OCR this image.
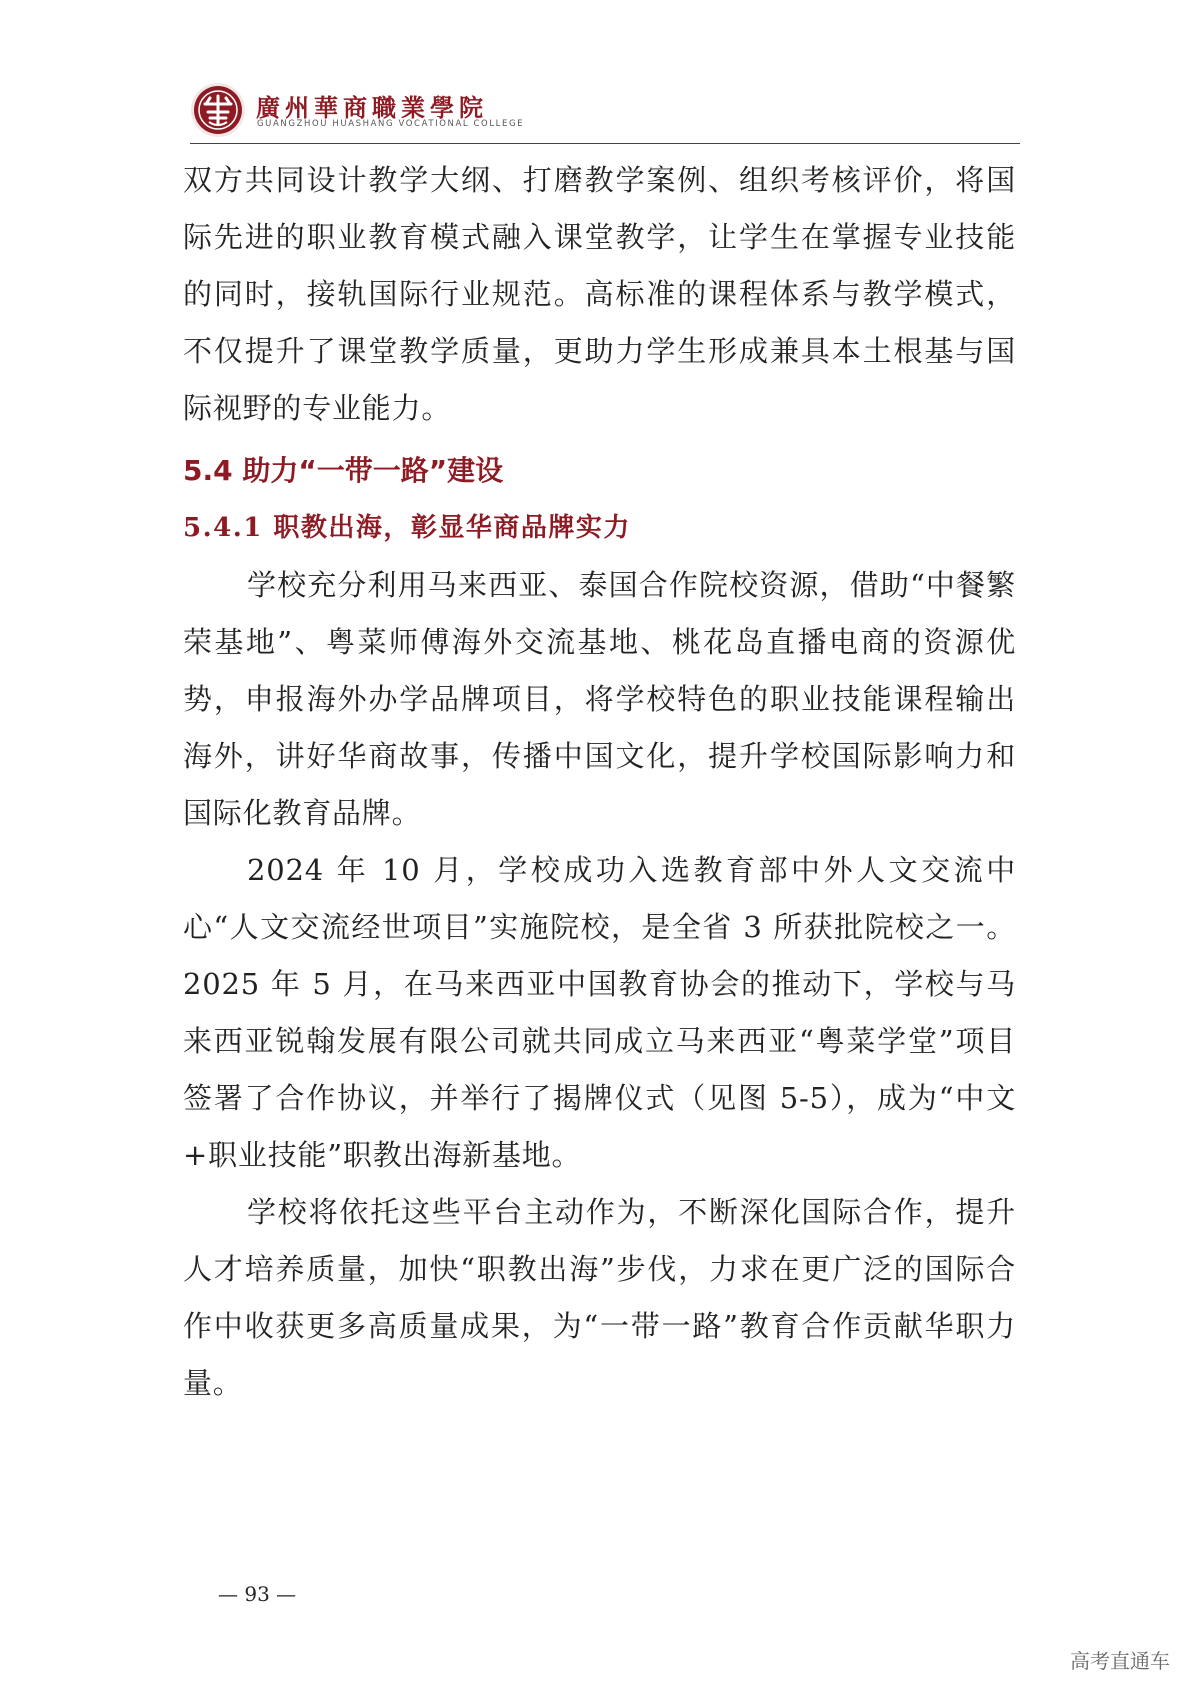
廣州華商職業學院
GUANGZHOU HUASHANG VOCATIONAL COLLEGE

双方共同设计教学大纲、打磨教学案例、组织考核评价，将国际先进的职业教育模式融入课堂教学，让学生在掌握专业技能的同时，接轨国际行业规范。高标准的课程体系与教学模式，不仅提升了课堂教学质量，更助力学生形成兼具本土根基与国际视野的专业能力。

5.4 助力“一带一路”建设
5.4.1 职教出海，彰显华商品牌实力

学校充分利用马来西亚、泰国合作院校资源，借助“中餐繁荣基地”、粤菜师傅海外交流基地、桃花岛直播电商的资源优势，申报海外办学品牌项目，将学校特色的职业技能课程输出海外，讲好华商故事，传播中国文化，提升学校国际影响力和国际化教育品牌。

2024 年 10 月，学校成功入选教育部中外人文交流中心“人文交流经世项目”实施院校，是全省 3 所获批院校之一。2025 年 5 月，在马来西亚中国教育协会的推动下，学校与马来西亚锐翰发展有限公司就共同成立马来西亚“粤菜学堂”项目签署了合作协议，并举行了揭牌仪式（见图 5-5），成为“中文+职业技能”职教出海新基地。

学校将依托这些平台主动作为，不断深化国际合作，提升人才培养质量，加快“职教出海”步伐，力求在更广泛的国际合作中收获更多高质量成果，为“一带一路”教育合作贡献华职力量。

— 93 —
高考直通车
